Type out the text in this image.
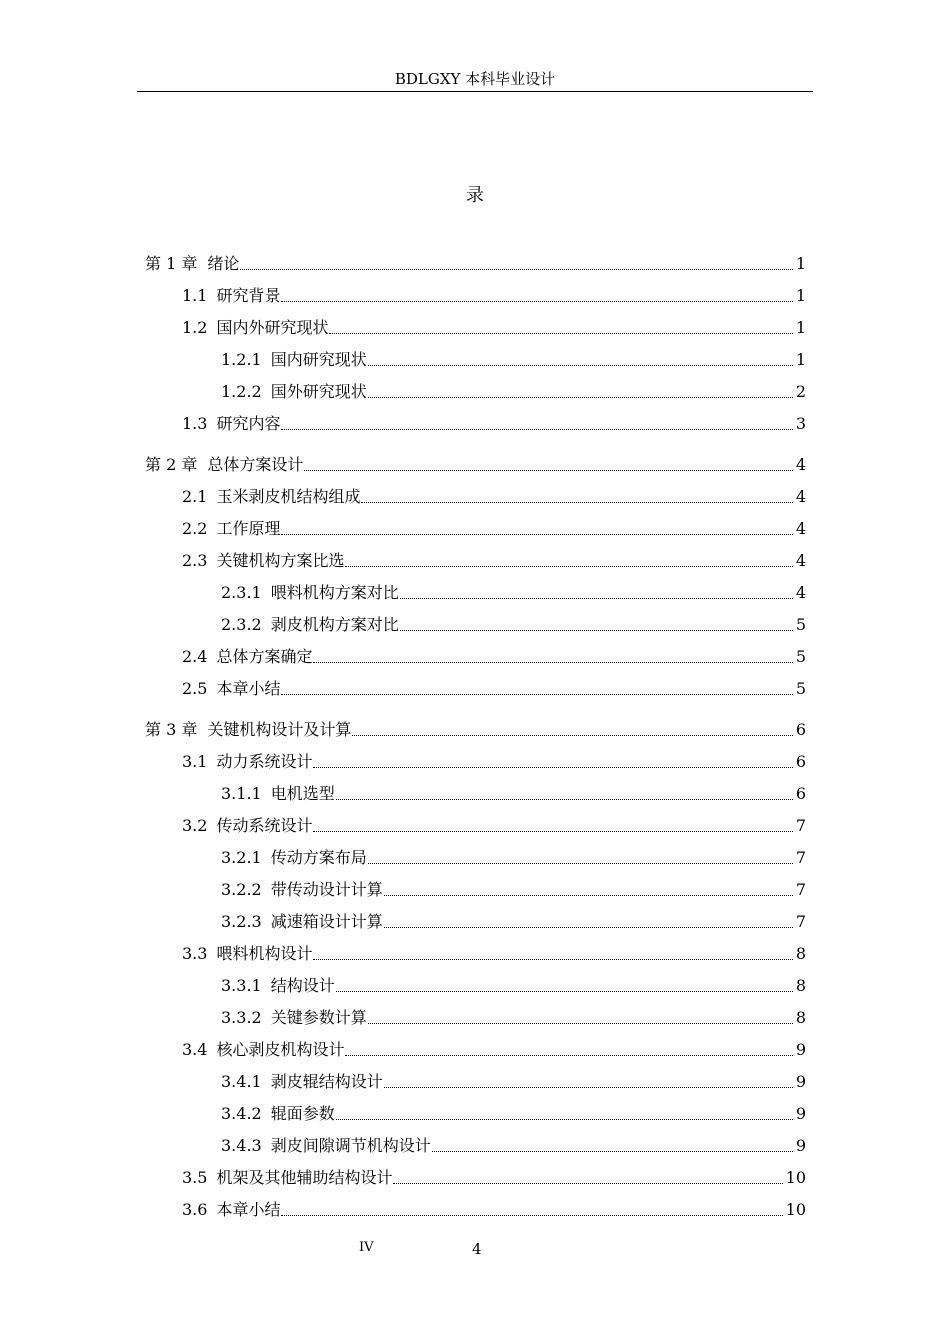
BDLGXY 本科毕业设计
录
第 1 章 绪论	1
1.1 研究背景	1
1.2 国内外研究现状	1
1.2.1 国内研究现状	1
1.2.2 国外研究现状	2
1.3 研究内容	3
第 2 章 总体方案设计	4
2.1 玉米剥皮机结构组成	4
2.2 工作原理	4
2.3 关键机构方案比选	4
2.3.1 喂料机构方案对比	4
2.3.2 剥皮机构方案对比	5
2.4 总体方案确定	5
2.5 本章小结	5
第 3 章 关键机构设计及计算	6
3.1 动力系统设计	6
3.1.1 电机选型	6
3.2 传动系统设计	7
3.2.1 传动方案布局	7
3.2.2 带传动设计计算	7
3.2.3 减速箱设计计算	7
3.3 喂料机构设计	8
3.3.1 结构设计	8
3.3.2 关键参数计算	8
3.4 核心剥皮机构设计	9
3.4.1 剥皮辊结构设计	9
3.4.2 辊面参数	9
3.4.3 剥皮间隙调节机构设计	9
3.5 机架及其他辅助结构设计	10
3.6 本章小结	10
IV	4
